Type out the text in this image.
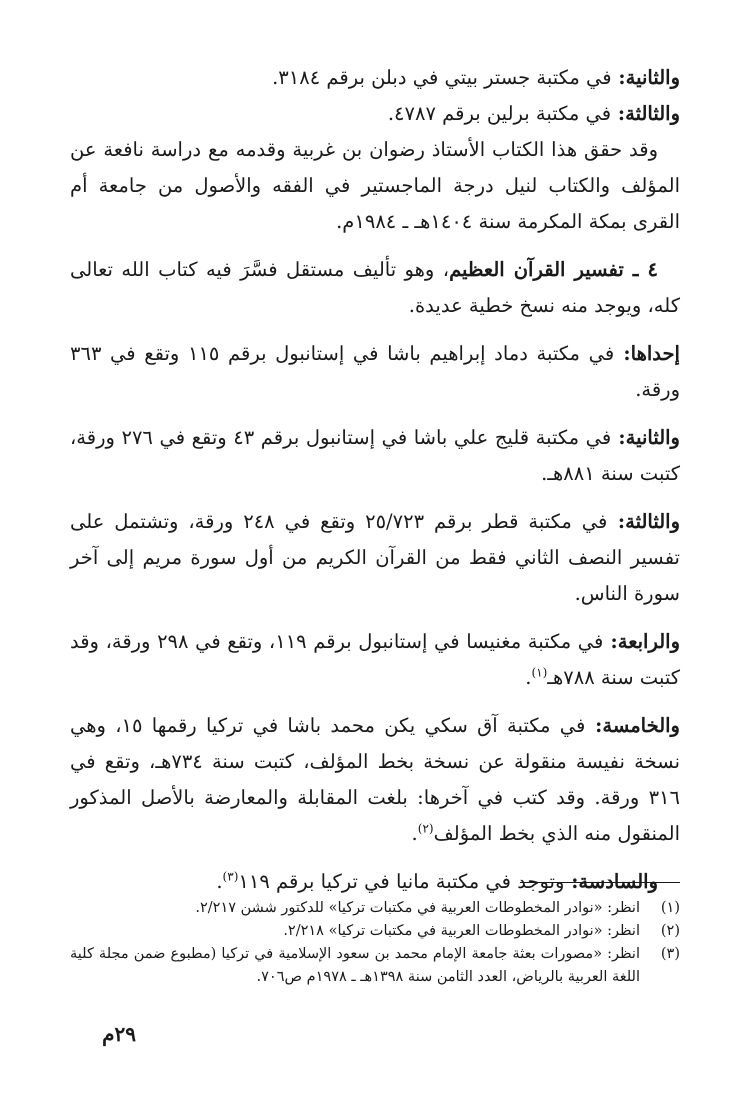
والثانية: في مكتبة جستر بيتي في دبلن برقم ٣١٨٤.

والثالثة: في مكتبة برلين برقم ٤٧٨٧.

وقد حقق هذا الكتاب الأستاذ رضوان بن غربية وقدمه مع دراسة نافعة عن المؤلف والكتاب لنيل درجة الماجستير في الفقه والأصول من جامعة أم القرى بمكة المكرمة سنة ١٤٠٤هـ ـ ١٩٨٤م.

٤ ـ تفسير القرآن العظيم، وهو تأليف مستقل فسَّرَ فيه كتاب الله تعالى كله، ويوجد منه نسخ خطية عديدة.

إحداها: في مكتبة دماد إبراهيم باشا في إستانبول برقم ١١٥ وتقع في ٣٦٣ ورقة.

والثانية: في مكتبة قليج علي باشا في إستانبول برقم ٤٣ وتقع في ٢٧٦ ورقة، كتبت سنة ٨٨١هـ.

والثالثة: في مكتبة قطر برقم ٢٥/٧٢٣ وتقع في ٢٤٨ ورقة، وتشتمل على تفسير النصف الثاني فقط من القرآن الكريم من أول سورة مريم إلى آخر سورة الناس.

والرابعة: في مكتبة مغنيسا في إستانبول برقم ١١٩، وتقع في ٢٩٨ ورقة، وقد كتبت سنة ٧٨٨هـ$^{(١)}$.

والخامسة: في مكتبة آق سكي يكن محمد باشا في تركيا رقمها ١٥، وهي نسخة نفيسة منقولة عن نسخة بخط المؤلف، كتبت سنة ٧٣٤هـ، وتقع في ٣١٦ ورقة. وقد كتب في آخرها: بلغت المقابلة والمعارضة بالأصل المذكور المنقول منه الذي بخط المؤلف$^{(٢)}$.

والسادسة: وتوجد في مكتبة مانيا في تركيا برقم ١١٩$^{(٣)}$.

(١)
انظر: «نوادر المخطوطات العربية في مكتبات تركيا» للدكتور ششن ٢/٢١٧.
(٢)
انظر: «نوادر المخطوطات العربية في مكتبات تركيا» ٢/٢١٨.
(٣)
انظر: «مصورات بعثة جامعة الإمام محمد بن سعود الإسلامية في تركيا (مطبوع ضمن مجلة كلية اللغة العربية بالرياض، العدد الثامن سنة ١٣٩٨هـ ـ ١٩٧٨م ص٧٠٦.
٢٩م
